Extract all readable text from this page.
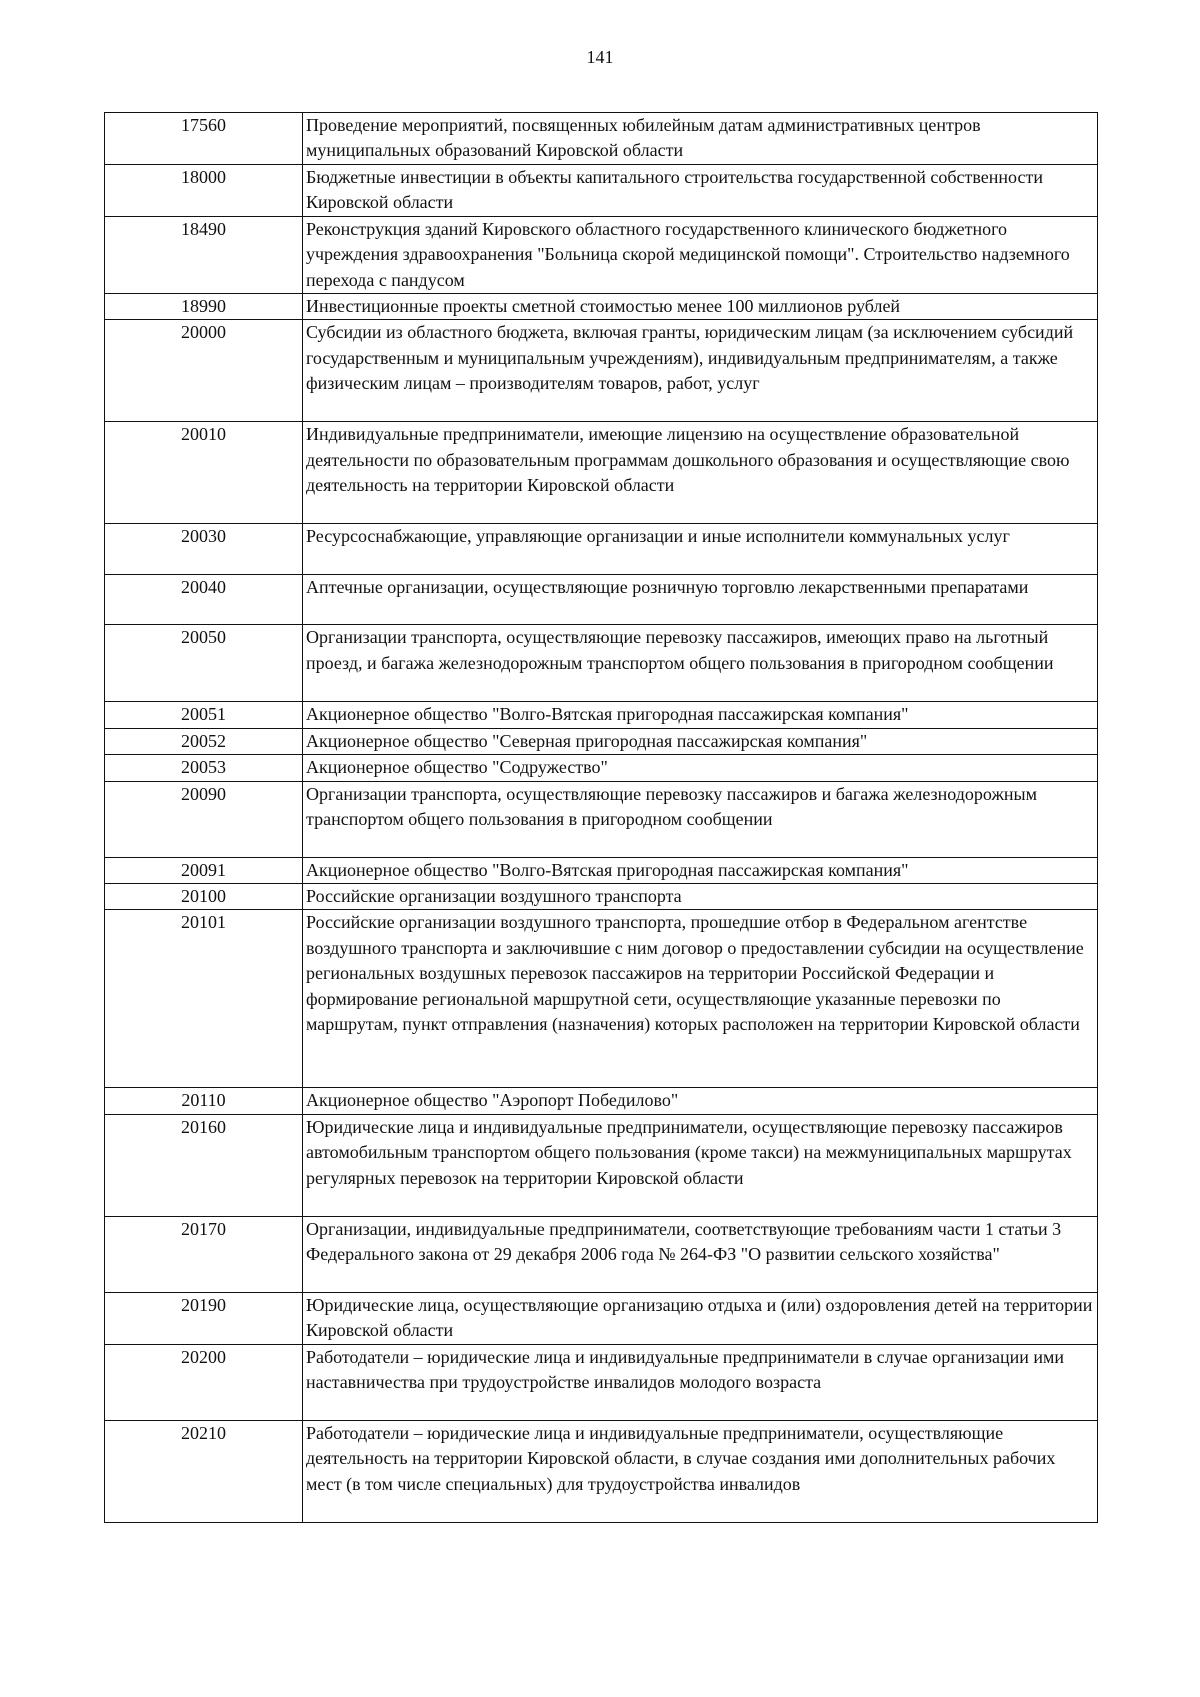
141
17560	Проведение мероприятий, посвященных юбилейным датам административных центров муниципальных образований Кировской области
18000	Бюджетные инвестиции в объекты капитального строительства государственной собственности Кировской области
18490	Реконструкция зданий Кировского областного государственного клинического бюджетного учреждения здравоохранения "Больница скорой медицинской помощи". Строительство надземного перехода с пандусом
18990	Инвестиционные проекты сметной стоимостью менее 100 миллионов рублей
20000	Субсидии из областного бюджета, включая гранты, юридическим лицам (за исключением субсидий государственным и муниципальным учреждениям), индивидуальным предпринимателям, а также физическим лицам – производителям товаров, работ, услуг
20010	Индивидуальные предприниматели, имеющие лицензию на осуществление образовательной деятельности по образовательным программам дошкольного образования и осуществляющие свою деятельность на территории Кировской области
20030	Ресурсоснабжающие, управляющие организации и иные исполнители коммунальных услуг
20040	Аптечные организации, осуществляющие розничную торговлю лекарственными препаратами
20050	Организации транспорта, осуществляющие перевозку пассажиров, имеющих право на льготный проезд, и багажа железнодорожным транспортом общего пользования в пригородном сообщении
20051	Акционерное общество "Волго-Вятская пригородная пассажирская компания"
20052	Акционерное общество "Северная пригородная пассажирская компания"
20053	Акционерное общество "Содружество"
20090	Организации транспорта, осуществляющие перевозку пассажиров и багажа железнодорожным транспортом общего пользования в пригородном сообщении
20091	Акционерное общество "Волго-Вятская пригородная пассажирская компания"
20100	Российские организации воздушного транспорта
20101	Российские организации воздушного транспорта, прошедшие отбор в Федеральном агентстве воздушного транспорта и заключившие с ним договор о предоставлении субсидии на осуществление региональных воздушных перевозок пассажиров на территории Российской Федерации и формирование региональной маршрутной сети, осуществляющие указанные перевозки по маршрутам, пункт отправления (назначения) которых расположен на территории Кировской области
20110	Акционерное общество "Аэропорт Победилово"
20160	Юридические лица и индивидуальные предприниматели, осуществляющие перевозку пассажиров автомобильным транспортом общего пользования (кроме такси) на межмуниципальных маршрутах регулярных перевозок на территории Кировской области
20170	Организации, индивидуальные предприниматели, соответствующие требованиям части 1 статьи 3 Федерального закона от 29 декабря 2006 года № 264-ФЗ "О развитии сельского хозяйства"
20190	Юридические лица, осуществляющие организацию отдыха и (или) оздоровления детей на территории Кировской области
20200	Работодатели – юридические лица и индивидуальные предприниматели в случае организации ими наставничества при трудоустройстве инвалидов молодого возраста
20210	Работодатели – юридические лица и индивидуальные предприниматели, осуществляющие деятельность на территории Кировской области, в случае создания ими дополнительных рабочих мест (в том числе специальных) для трудоустройства инвалидов
